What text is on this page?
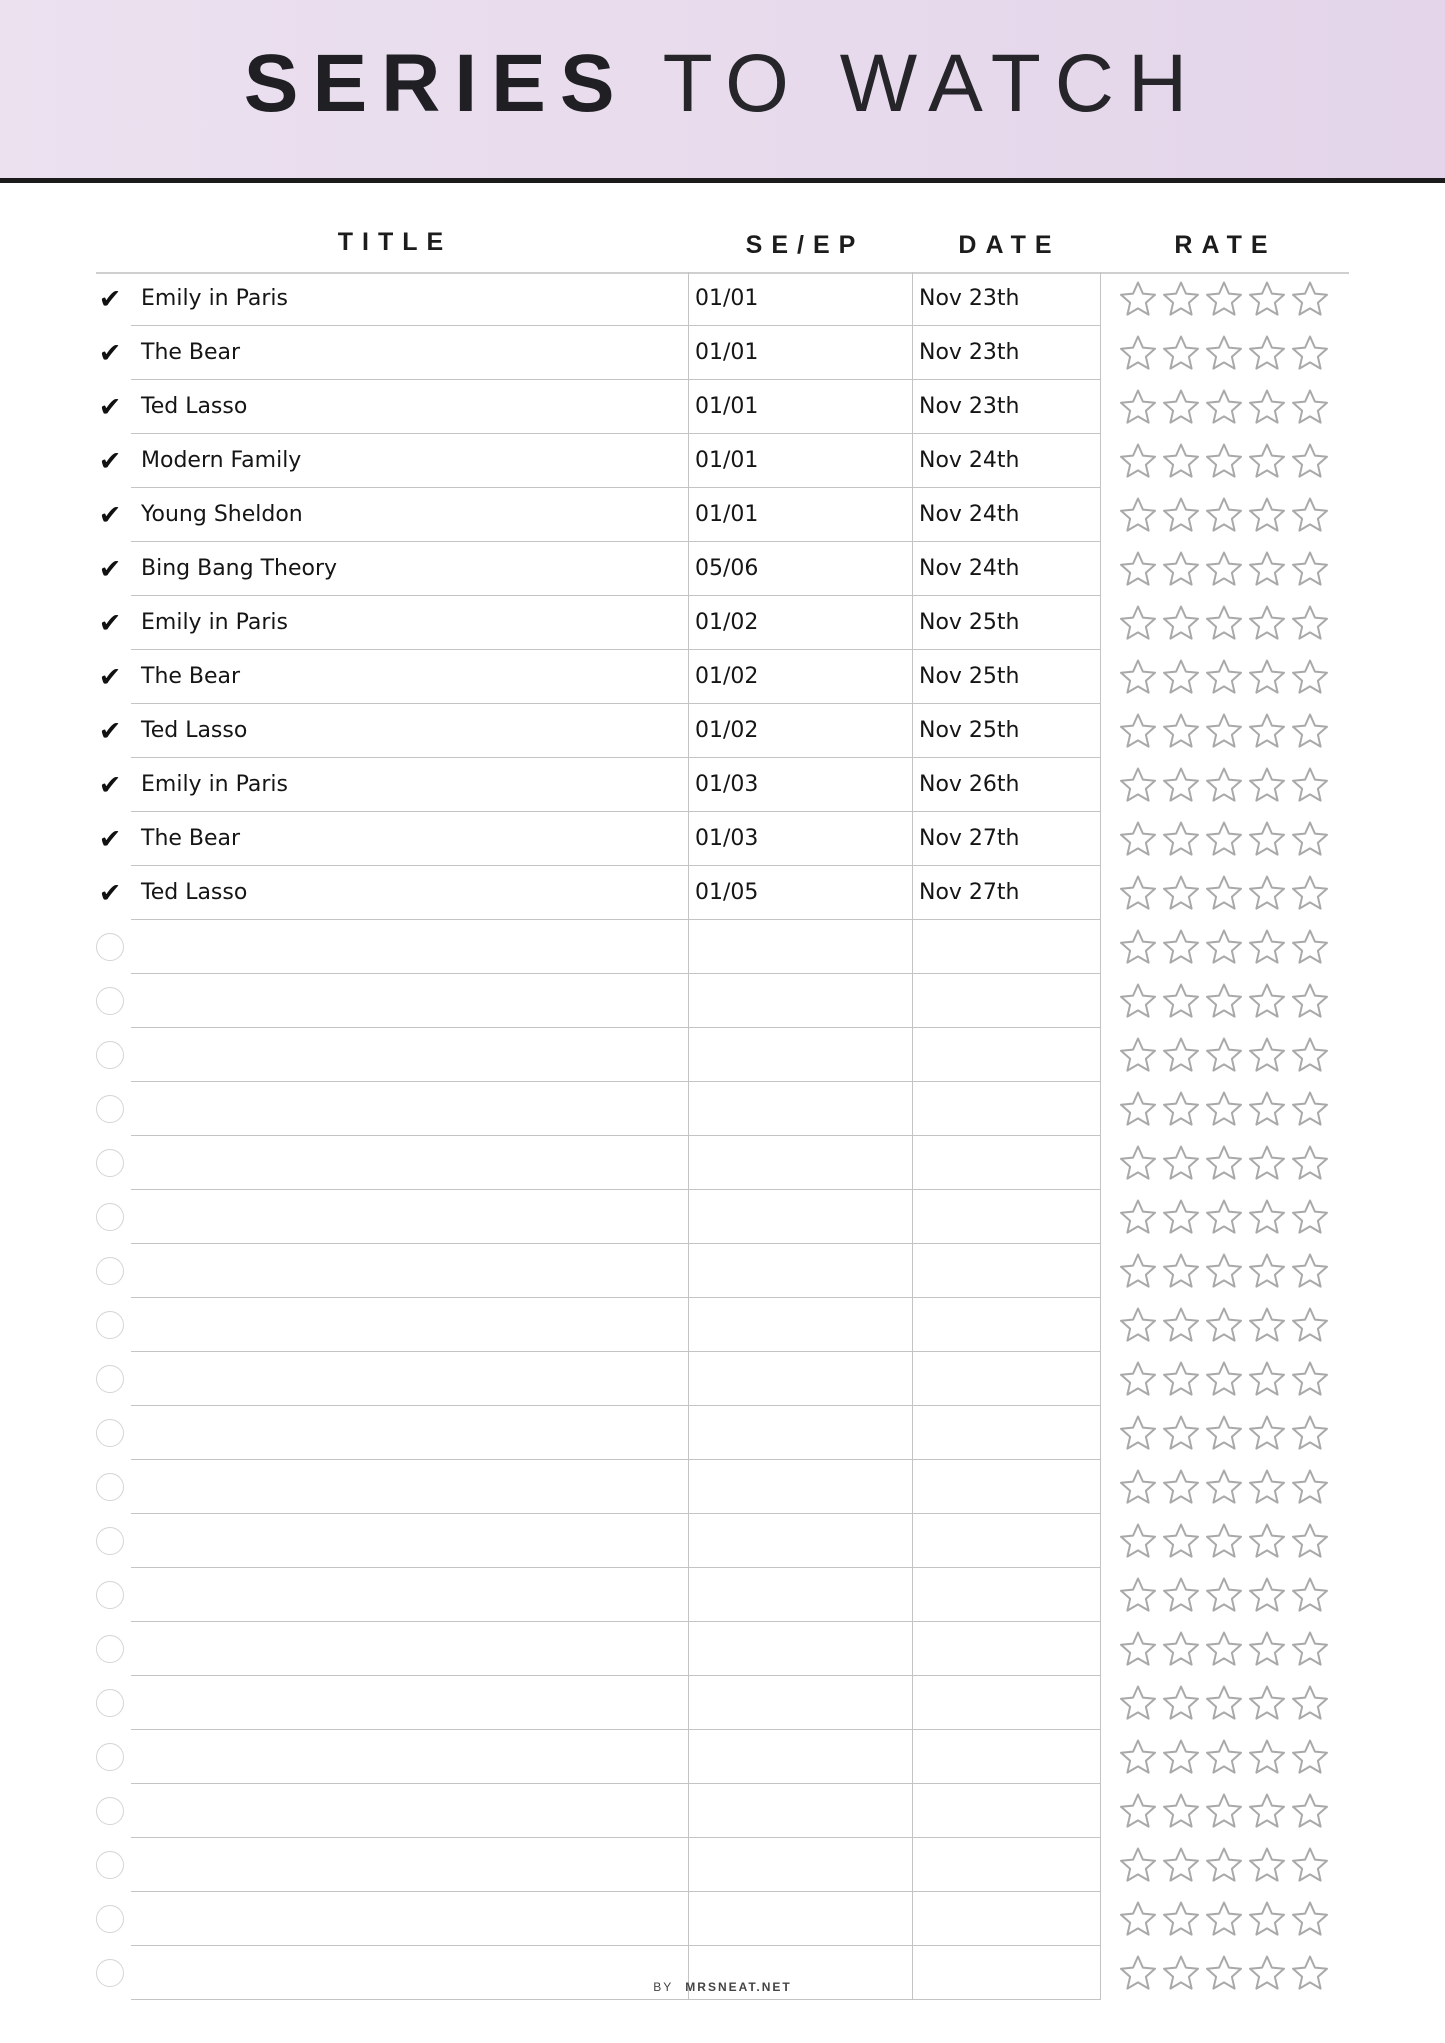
SERIES TO WATCH
TITLE	SE/EP	DATE	RATE
✔ Emily in Paris	01/01	Nov 23th
✔ The Bear	01/01	Nov 23th
✔ Ted Lasso	01/01	Nov 23th
✔ Modern Family	01/01	Nov 24th
✔ Young Sheldon	01/01	Nov 24th
✔ Bing Bang Theory	05/06	Nov 24th
✔ Emily in Paris	01/02	Nov 25th
✔ The Bear	01/02	Nov 25th
✔ Ted Lasso	01/02	Nov 25th
✔ Emily in Paris	01/03	Nov 26th
✔ The Bear	01/03	Nov 27th
✔ Ted Lasso	01/05	Nov 27th
BY MRSNEAT.NET
